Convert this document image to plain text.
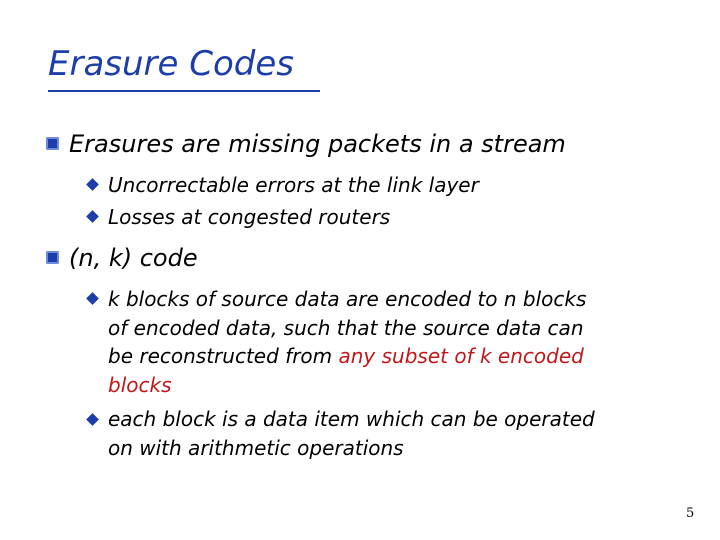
Erasure Codes
Erasures are missing packets in a stream
Uncorrectable errors at the link layer
Losses at congested routers
(n, k) code
k blocks of source data are encoded to n blocks
of encoded data, such that the source data can
be reconstructed from any subset of k encoded
blocks
each block is a data item which can be operated
on with arithmetic operations
5
